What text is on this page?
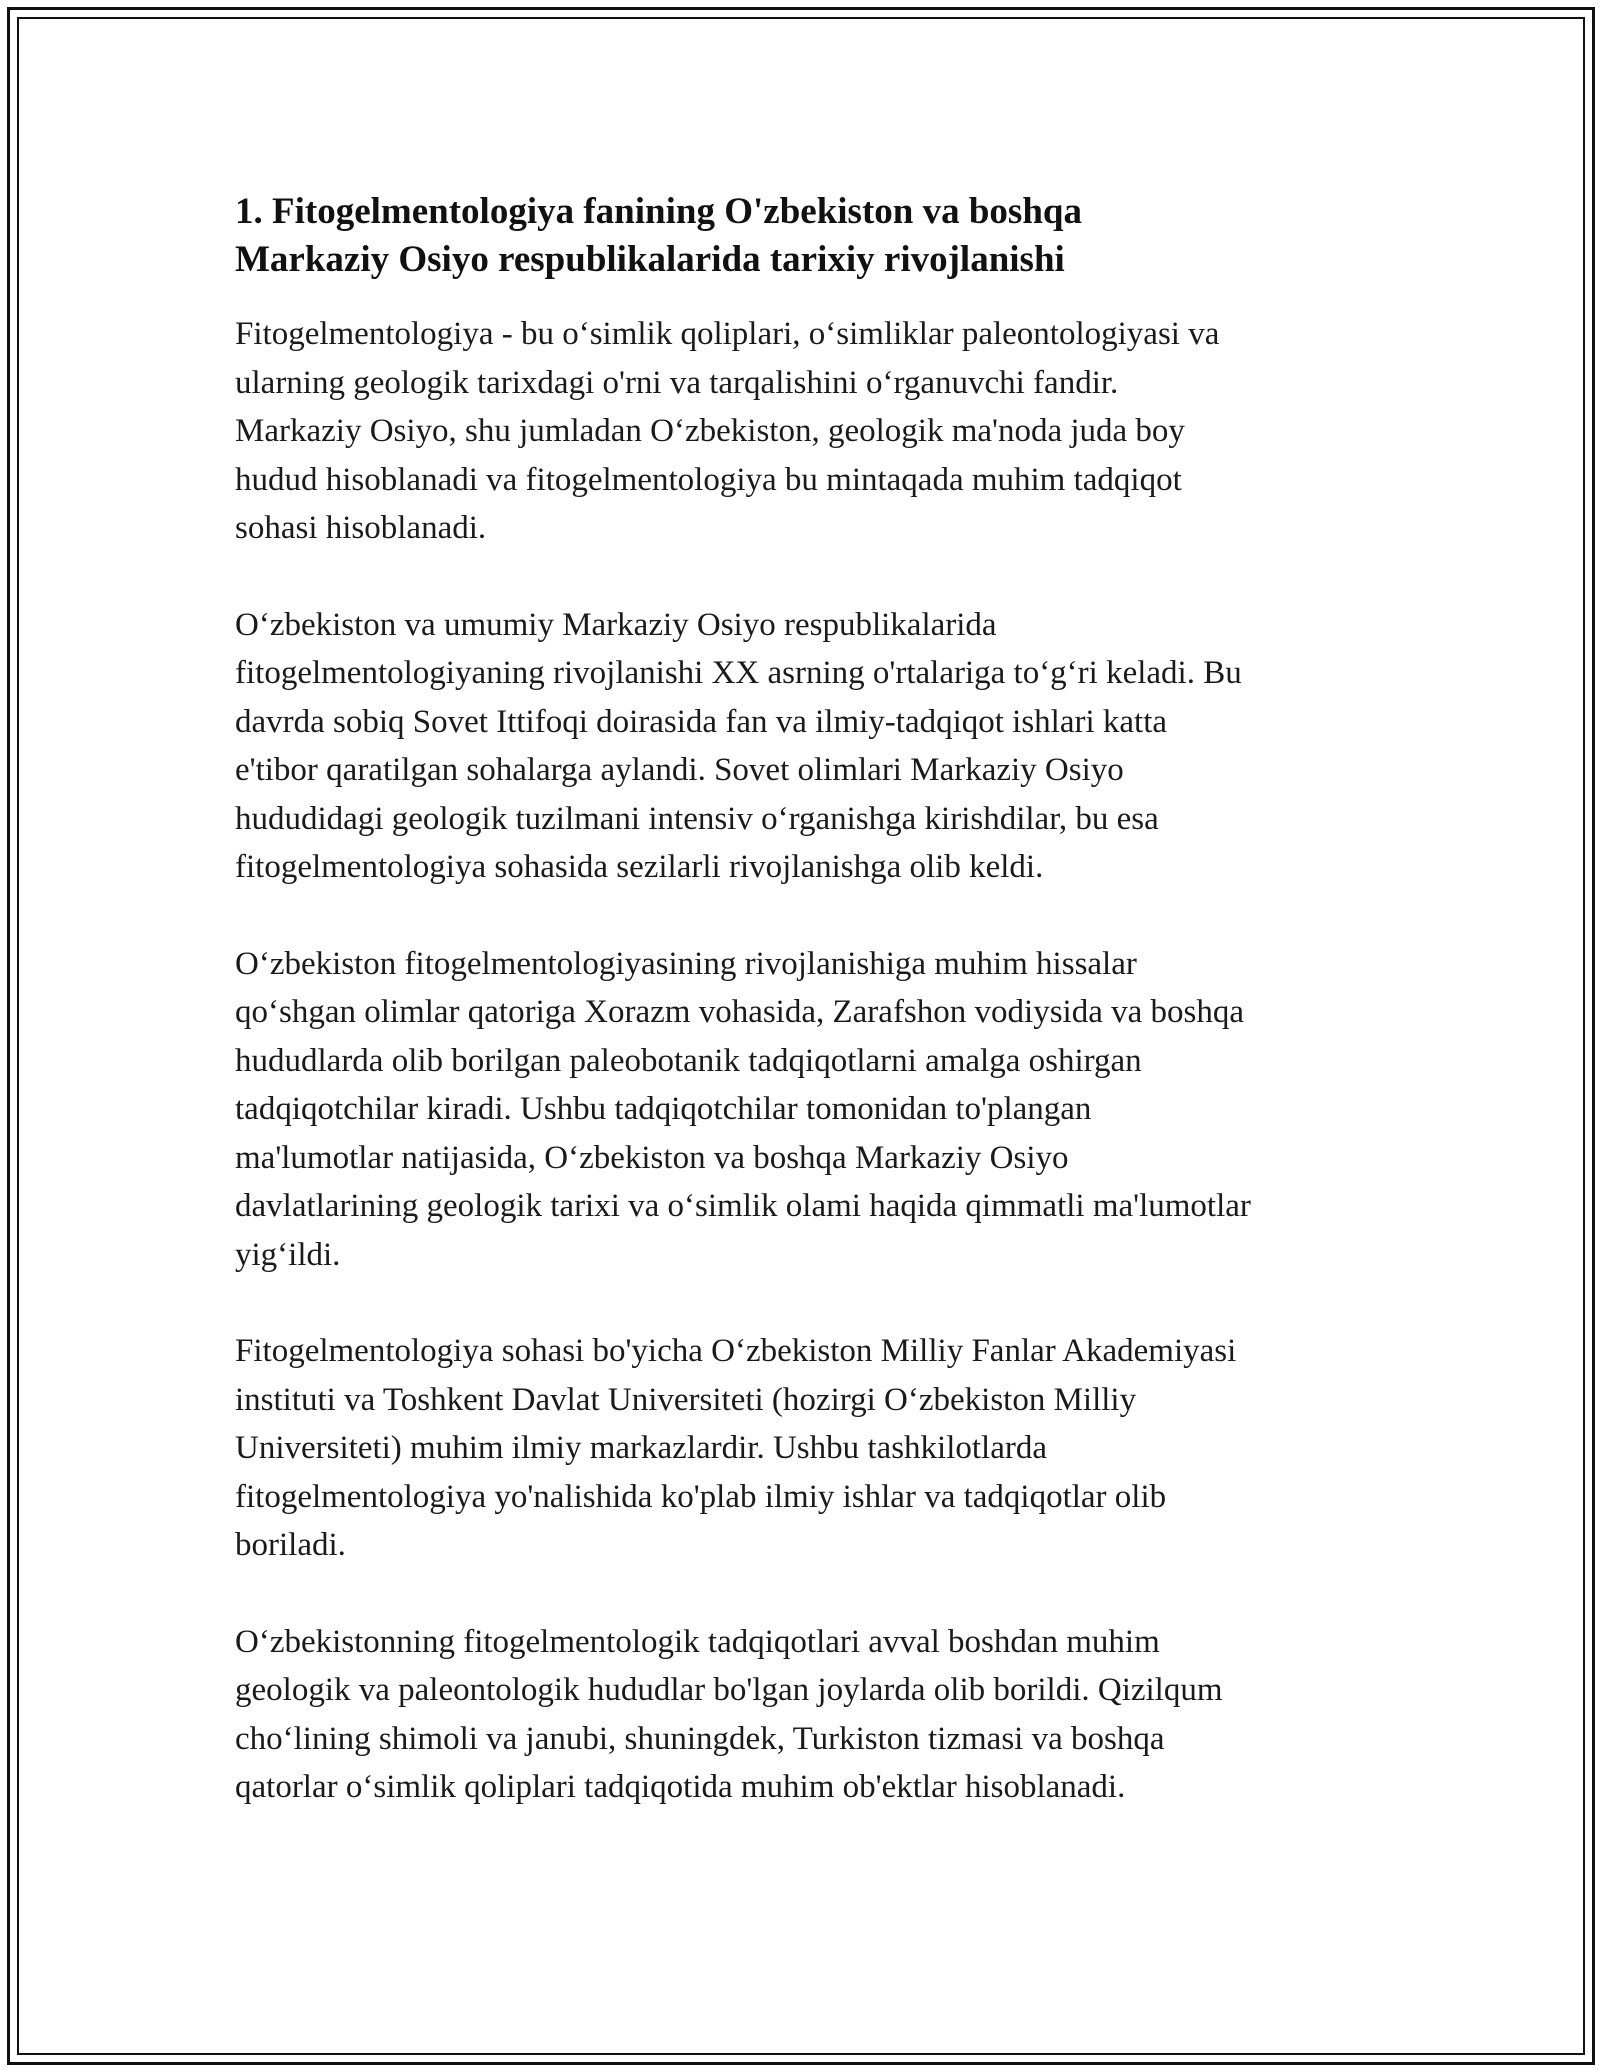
1. Fitogelmentologiya fanining O'zbekiston va boshqa
Markaziy Osiyo respublikalarida tarixiy rivojlanishi

Fitogelmentologiya - bu oʻsimlik qoliplari, oʻsimliklar paleontologiyasi va
ularning geologik tarixdagi o'rni va tarqalishini oʻrganuvchi fandir.
Markaziy Osiyo, shu jumladan Oʻzbekiston, geologik ma'noda juda boy
hudud hisoblanadi va fitogelmentologiya bu mintaqada muhim tadqiqot
sohasi hisoblanadi.

Oʻzbekiston va umumiy Markaziy Osiyo respublikalarida
fitogelmentologiyaning rivojlanishi XX asrning o'rtalariga toʻgʻri keladi. Bu
davrda sobiq Sovet Ittifoqi doirasida fan va ilmiy-tadqiqot ishlari katta
e'tibor qaratilgan sohalarga aylandi. Sovet olimlari Markaziy Osiyo
hududidagi geologik tuzilmani intensiv oʻrganishga kirishdilar, bu esa
fitogelmentologiya sohasida sezilarli rivojlanishga olib keldi.

Oʻzbekiston fitogelmentologiyasining rivojlanishiga muhim hissalar
qoʻshgan olimlar qatoriga Xorazm vohasida, Zarafshon vodiysida va boshqa
hududlarda olib borilgan paleobotanik tadqiqotlarni amalga oshirgan
tadqiqotchilar kiradi. Ushbu tadqiqotchilar tomonidan to'plangan
ma'lumotlar natijasida, Oʻzbekiston va boshqa Markaziy Osiyo
davlatlarining geologik tarixi va oʻsimlik olami haqida qimmatli ma'lumotlar
yigʻildi.

Fitogelmentologiya sohasi bo'yicha Oʻzbekiston Milliy Fanlar Akademiyasi
instituti va Toshkent Davlat Universiteti (hozirgi Oʻzbekiston Milliy
Universiteti) muhim ilmiy markazlardir. Ushbu tashkilotlarda
fitogelmentologiya yo'nalishida ko'plab ilmiy ishlar va tadqiqotlar olib
boriladi.

Oʻzbekistonning fitogelmentologik tadqiqotlari avval boshdan muhim
geologik va paleontologik hududlar bo'lgan joylarda olib borildi. Qizilqum
choʻlining shimoli va janubi, shuningdek, Turkiston tizmasi va boshqa
qatorlar oʻsimlik qoliplari tadqiqotida muhim ob'ektlar hisoblanadi.
